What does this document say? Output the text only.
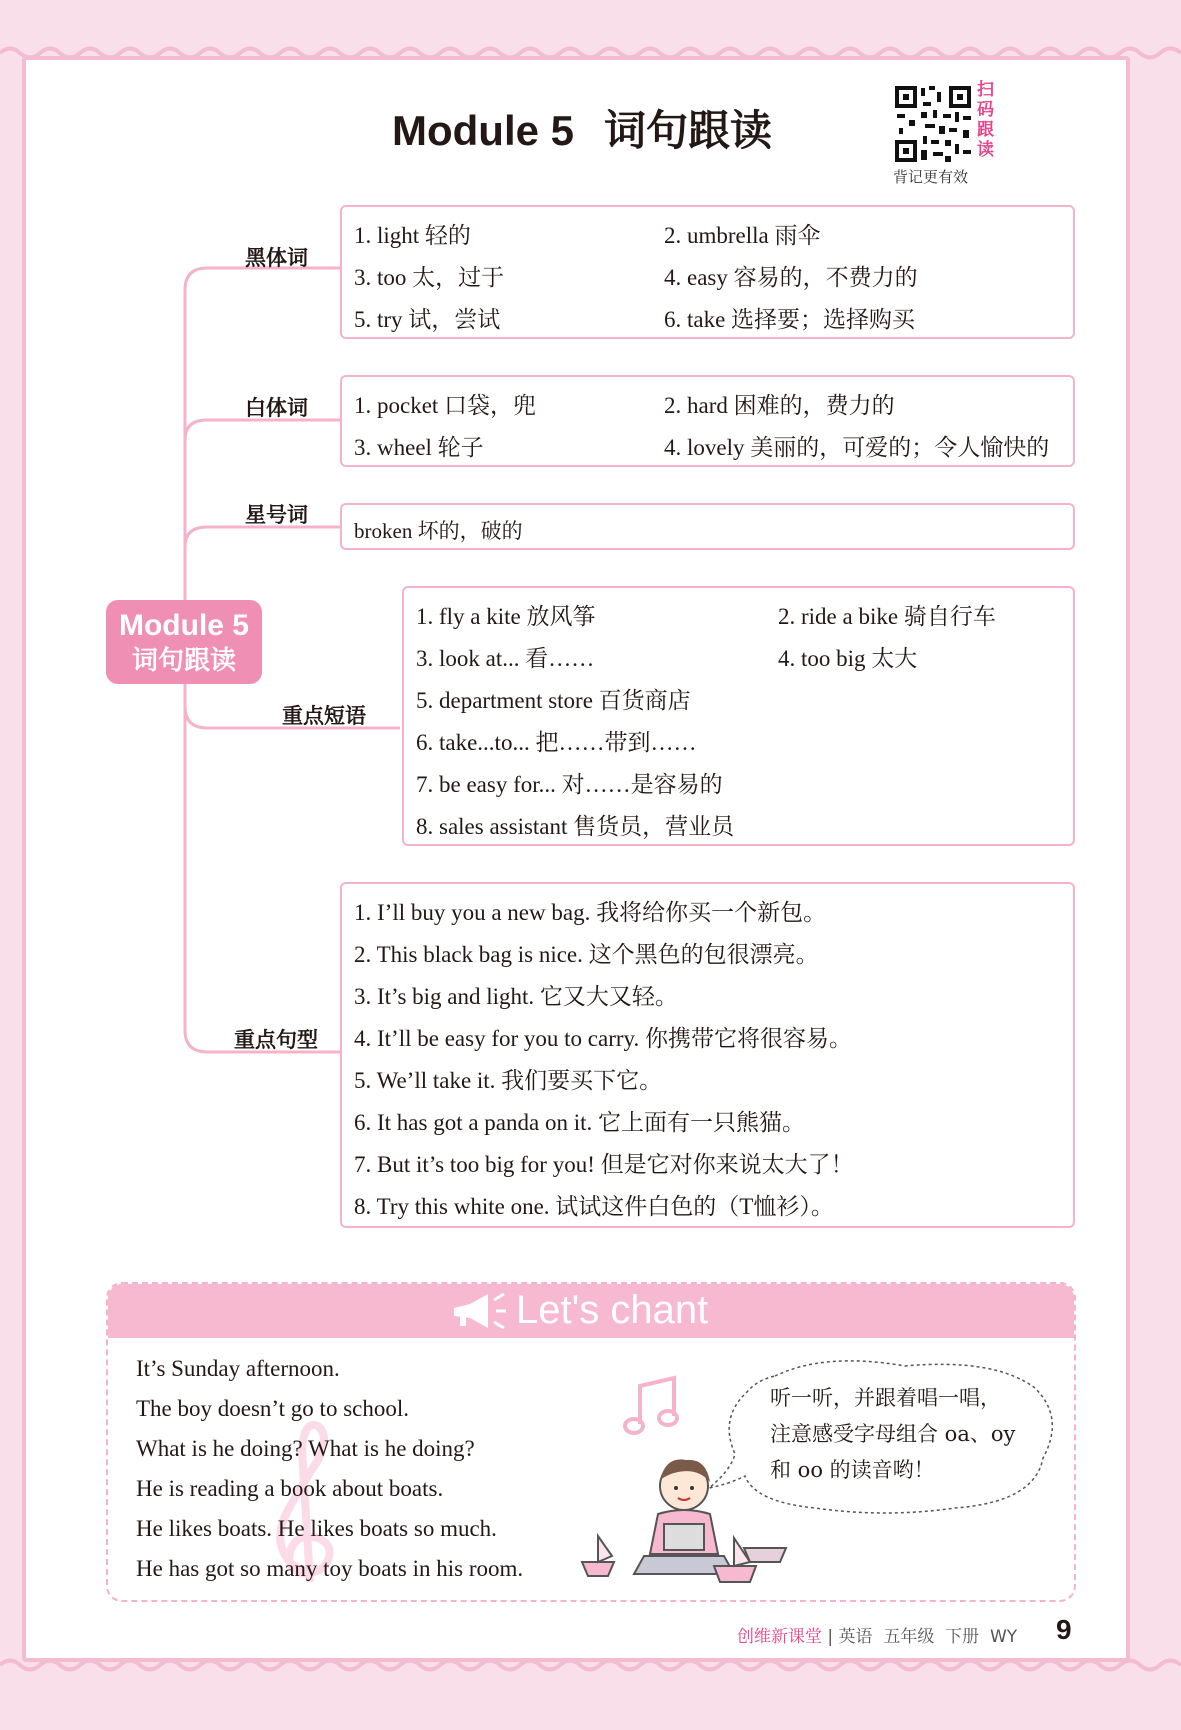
Module 5 词句跟读
扫
码
跟
读
背记更有效
Module 5
词句跟读
黑体词
1. light 轻的	2. umbrella 雨伞
3. too 太，过于	4. easy 容易的，不费力的
5. try 试，尝试	6. take 选择要；选择购买
白体词 1. pocket 口袋，兜	2. hard 困难的，费力的
3. wheel 轮子	4. lovely 美丽的，可爱的；令人愉快的
星号词
broken 坏的，破的
重点短语
1. fly a kite 放风筝	2. ride a bike 骑自行车
3. look at... 看……	4. too big 太大
5. department store 百货商店
6. take...to... 把……带到……
7. be easy for... 对……是容易的
8. sales assistant 售货员，营业员
重点句型
1. I’ll buy you a new bag. 我将给你买一个新包。
2. This black bag is nice. 这个黑色的包很漂亮。
3. It’s big and light. 它又大又轻。
4. It’ll be easy for you to carry. 你携带它将很容易。
5. We’ll take it. 我们要买下它。
6. It has got a panda on it. 它上面有一只熊猫。
7. But it’s too big for you! 但是它对你来说太大了！
8. Try this white one. 试试这件白色的（T恤衫）。
Let's chant
It’s Sunday afternoon.
The boy doesn’t go to school.
What is he doing? What is he doing?
He is reading a book about boats.
He likes boats. He likes boats so much.
He has got so many toy boats in his room.
听一听，并跟着唱一唱，
注意感受字母组合 oa、oy
和 oo 的读音哟！
创维新课堂 | 英语 五年级 下册 WY 9
